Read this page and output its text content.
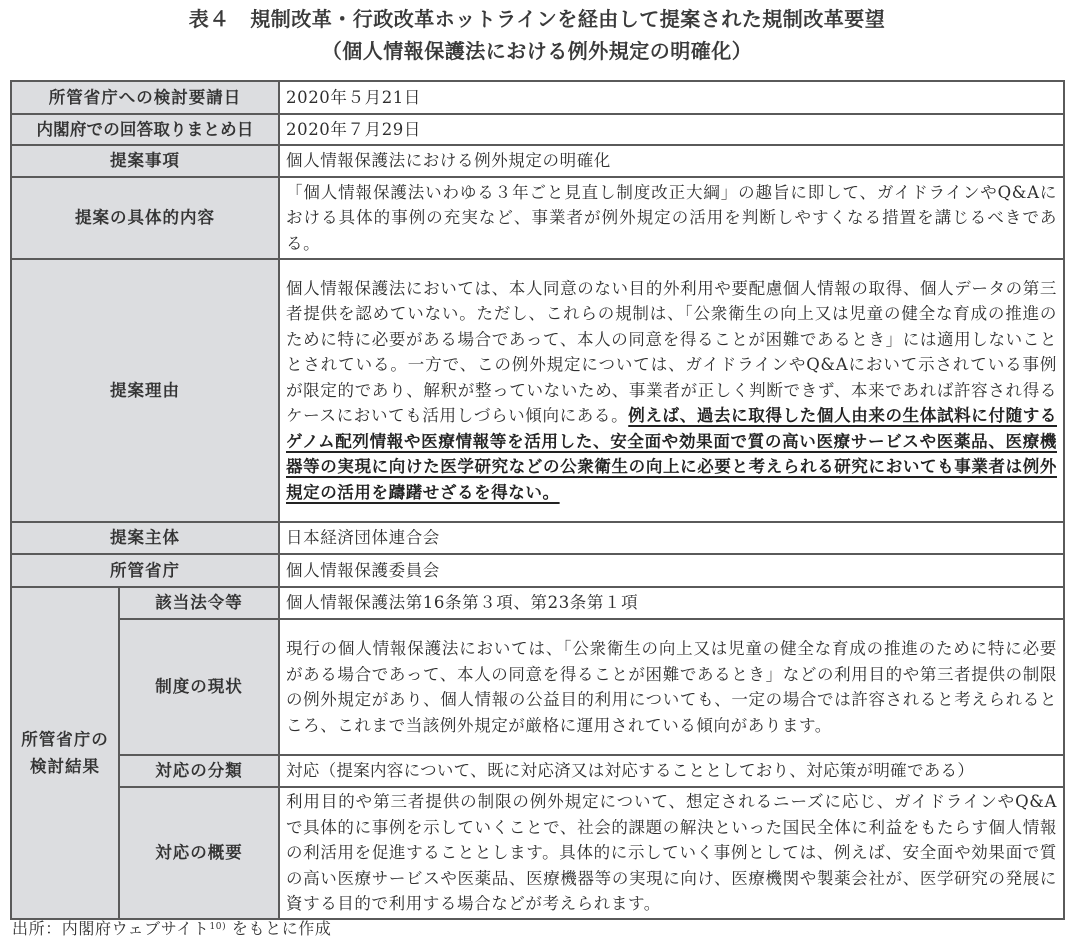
表４　規制改革・行政改革ホットラインを経由して提案された規制改革要望
（個人情報保護法における例外規定の明確化）
所管省庁への検討要請日		2020年５月21日
内閣府での回答取りまとめ日		2020年７月29日
提案事項		個人情報保護法における例外規定の明確化
提案の具体的内容		「個人情報保護法いわゆる３年ごと見直し制度改正大綱」の趣旨に即して、ガイドラインやQ&Aにおける具体的事例の充実など、事業者が例外規定の活用を判断しやすくなる措置を講じるべきである。
提案理由		個人情報保護法においては、本人同意のない目的外利用や要配慮個人情報の取得、個人データの第三者提供を認めていない。ただし、これらの規制は、「公衆衛生の向上又は児童の健全な育成の推進のために特に必要がある場合であって、本人の同意を得ることが困難であるとき」には適用しないこととされている。一方で、この例外規定については、ガイドラインやQ&Aにおいて示されている事例が限定的であり、解釈が整っていないため、事業者が正しく判断できず、本来であれば許容され得るケースにおいても活用しづらい傾向にある。例えば、過去に取得した個人由来の生体試料に付随するゲノム配列情報や医療情報等を活用した、安全面や効果面で質の高い医療サービスや医薬品、医療機器等の実現に向けた医学研究などの公衆衛生の向上に必要と考えられる研究においても事業者は例外規定の活用を躊躇せざるを得ない。
提案主体		日本経済団体連合会
所管省庁		個人情報保護委員会
所管省庁の
検討結果	該当法令等	個人情報保護法第16条第３項、第23条第１項
	制度の現状	現行の個人情報保護法においては、「公衆衛生の向上又は児童の健全な育成の推進のために特に必要がある場合であって、本人の同意を得ることが困難であるとき」などの利用目的や第三者提供の制限の例外規定があり、個人情報の公益目的利用についても、一定の場合では許容されると考えられるところ、これまで当該例外規定が厳格に運用されている傾向があります。
	対応の分類	対応（提案内容について、既に対応済又は対応することとしており、対応策が明確である）
	対応の概要	利用目的や第三者提供の制限の例外規定について、想定されるニーズに応じ、ガイドラインやQ&Aで具体的に事例を示していくことで、社会的課題の解決といった国民全体に利益をもたらす個人情報の利活用を促進することとします。具体的に示していく事例としては、例えば、安全面や効果面で質の高い医療サービスや医薬品、医療機器等の実現に向け、医療機関や製薬会社が、医学研究の発展に資する目的で利用する場合などが考えられます。
出所：内閣府ウェブサイト$^{10)}$ をもとに作成
